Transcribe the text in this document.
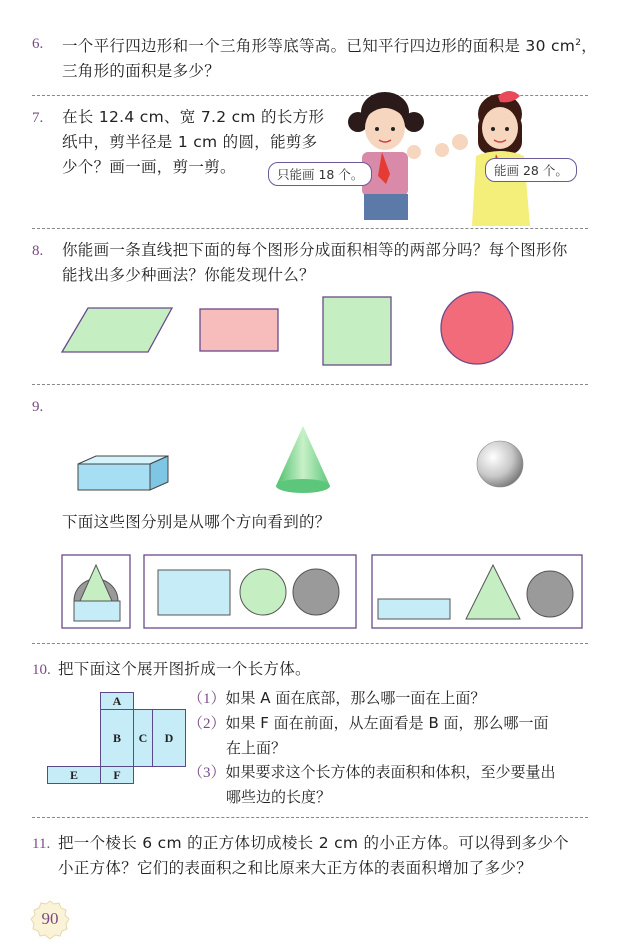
6. 一个平行四边形和一个三角形等底等高。已知平行四边形的面积是 30 $cm^2$，
三角形的面积是多少？
7. 在长 12.4 cm、宽 7.2 cm 的长方形
纸中，剪半径是 1 cm 的圆，能剪多
少个？画一画，剪一剪。	只能画 18 个。	能画 28 个。
8. 你能画一条直线把下面的每个图形分成面积相等的两部分吗？每个图形你
能找出多少种画法？你能发现什么？
9.
下面这些图分别是从哪个方向看到的？
10. 把下面这个展开图折成一个长方体。
A
B	C	D
E	F
（1）如果 A 面在底部，那么哪一面在上面？
（2）如果 F 面在前面，从左面看是 B 面，那么哪一面
在上面？
（3）如果要求这个长方体的表面积和体积，至少要量出
哪些边的长度？
11. 把一个棱长 6 cm 的正方体切成棱长 2 cm 的小正方体。可以得到多少个
小正方体？它们的表面积之和比原来大正方体的表面积增加了多少？
90
